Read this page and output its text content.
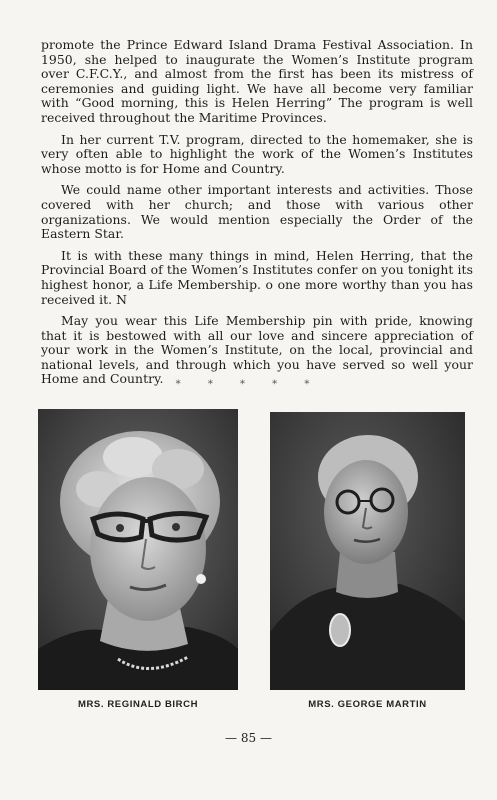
promote the Prince Edward Island Drama Festival Association. In 1950, she helped to inaugurate the Women’s Institute program over C.F.C.Y., and almost from the first has been its mistress of ceremonies and guiding light. We have all become very familiar with “Good morning, this is Helen Herring” The program is well received throughout the Maritime Provinces.

In her current T.V. program, directed to the homemaker, she is very often able to highlight the work of the Women’s Institutes whose motto is for Home and Country.

We could name other important interests and activities. Those covered with her church; and those with various other organizations. We would mention especially the Order of the Eastern Star.

It is with these many things in mind, Helen Herring, that the Provincial Board of the Women’s Institutes confer on you tonight its highest honor, a Life Membership. o one more worthy than you has received it. N

May you wear this Life Membership pin with pride, knowing that it is bestowed with all our love and sincere appreciation of your work in the Women’s Institute, on the local, provincial and national levels, and through which you have served so well your Home and Country.	* * * * *
MRS. REGINALD BIRCH	MRS. GEORGE MARTIN
— 85 —
